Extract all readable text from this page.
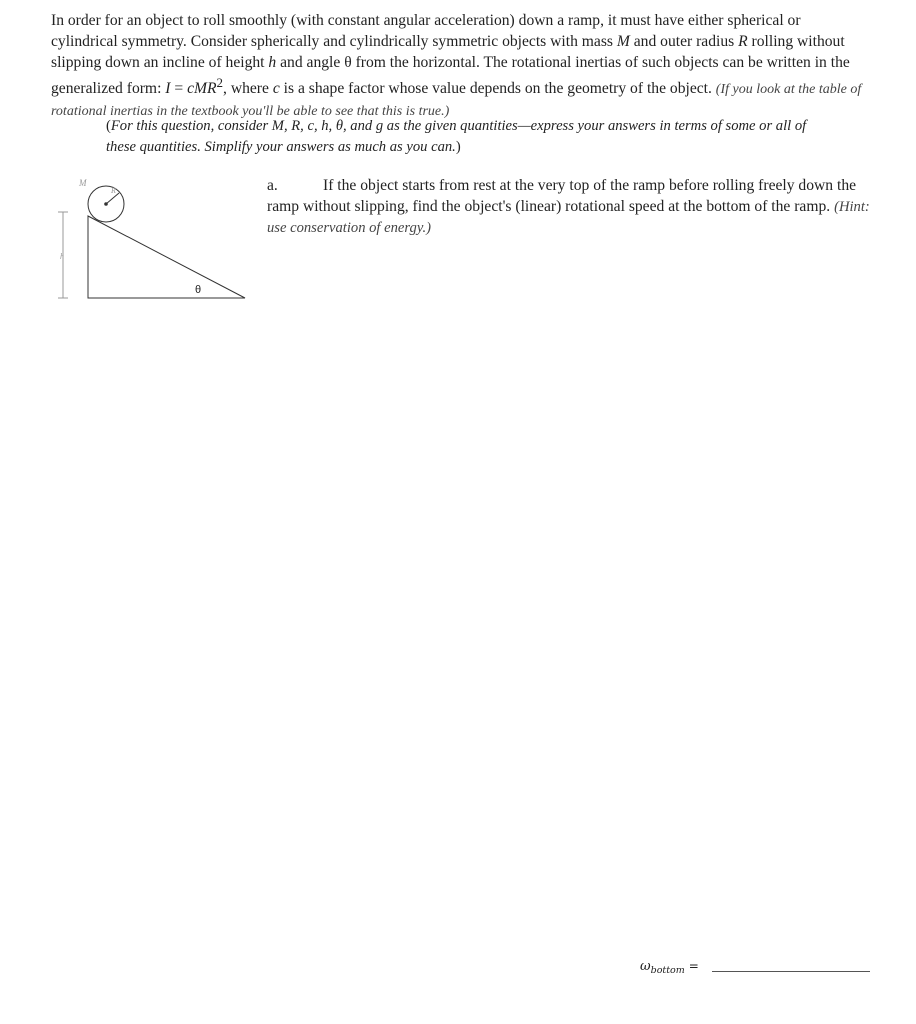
In order for an object to roll smoothly (with constant angular acceleration) down a ramp, it must have either spherical or cylindrical symmetry. Consider spherically and cylindrically symmetric objects with mass M and outer radius R rolling without slipping down an incline of height h and angle θ from the horizontal. The rotational inertias of such objects can be written in the generalized form: I = cMR$^2$, where c is a shape factor whose value depends on the geometry of the object. (If you look at the table of rotational inertias in the textbook you'll be able to see that this is true.)

(For this question, consider M, R, c, h, θ, and g as the given quantities—express your answers in terms of some or all of these quantities. Simplify your answers as much as you can.)

M
R
h
θ

a.	If the object starts from rest at the very top of the ramp before rolling freely down the ramp without slipping, find the object's (linear) rotational speed at the bottom of the ramp. (Hint: use conservation of energy.)

$\omega_{bottom}$ =
